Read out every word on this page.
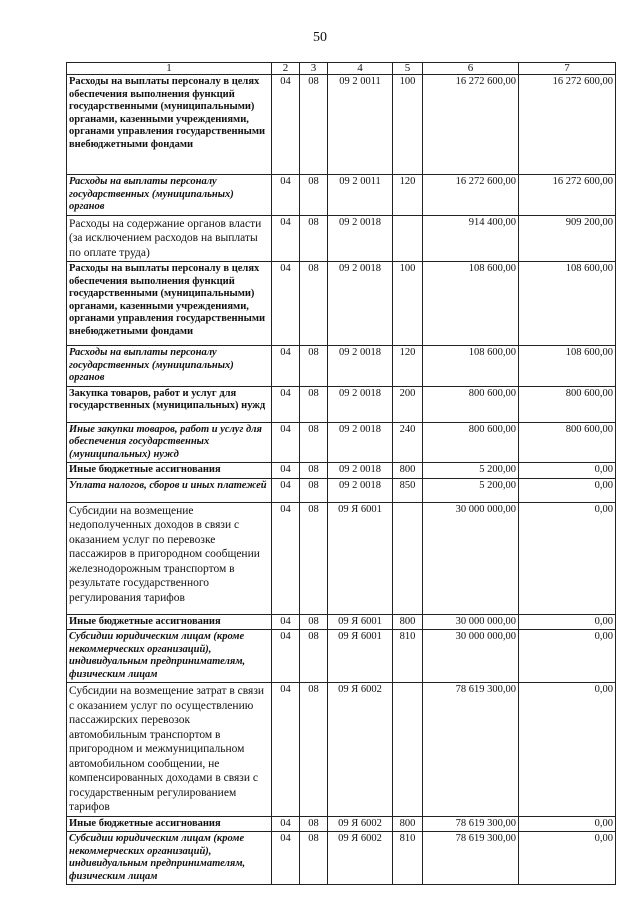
50
1	2	3	4	5	6	7
Расходы на выплаты персоналу в целях обеспечения выполнения функций государственными (муниципальными) органами, казенными учреждениями, органами управления государственными внебюджетными фондами	04	08	09 2 0011	100	16 272 600,00	16 272 600,00
Расходы на выплаты персоналу государственных (муниципальных) органов	04	08	09 2 0011	120	16 272 600,00	16 272 600,00
Расходы на содержание органов власти (за исключением расходов на выплаты по оплате труда)	04	08	09 2 0018		914 400,00	909 200,00
Расходы на выплаты персоналу в целях обеспечения выполнения функций государственными (муниципальными) органами, казенными учреждениями, органами управления государственными внебюджетными фондами	04	08	09 2 0018	100	108 600,00	108 600,00
Расходы на выплаты персоналу государственных (муниципальных) органов	04	08	09 2 0018	120	108 600,00	108 600,00
Закупка товаров, работ и услуг для государственных (муниципальных) нужд	04	08	09 2 0018	200	800 600,00	800 600,00
Иные закупки товаров, работ и услуг для обеспечения государственных (муниципальных) нужд	04	08	09 2 0018	240	800 600,00	800 600,00
Иные бюджетные ассигнования	04	08	09 2 0018	800	5 200,00	0,00
Уплата налогов, сборов и иных платежей	04	08	09 2 0018	850	5 200,00	0,00
Субсидии на возмещение недополученных доходов в связи с оказанием услуг по перевозке пассажиров в пригородном сообщении железнодорожным транспортом в результате государственного регулирования тарифов	04	08	09 Я 6001		30 000 000,00	0,00
Иные бюджетные ассигнования	04	08	09 Я 6001	800	30 000 000,00	0,00
Субсидии юридическим лицам (кроме некоммерческих организаций), индивидуальным предпринимателям, физическим лицам	04	08	09 Я 6001	810	30 000 000,00	0,00
Субсидии на возмещение затрат в связи с оказанием услуг по осуществлению пассажирских перевозок автомобильным транспортом в пригородном и межмуниципальном автомобильном сообщении, не компенсированных доходами в связи с государственным регулированием тарифов	04	08	09 Я 6002		78 619 300,00	0,00
Иные бюджетные ассигнования	04	08	09 Я 6002	800	78 619 300,00	0,00
Субсидии юридическим лицам (кроме некоммерческих организаций), индивидуальным предпринимателям, физическим лицам	04	08	09 Я 6002	810	78 619 300,00	0,00
